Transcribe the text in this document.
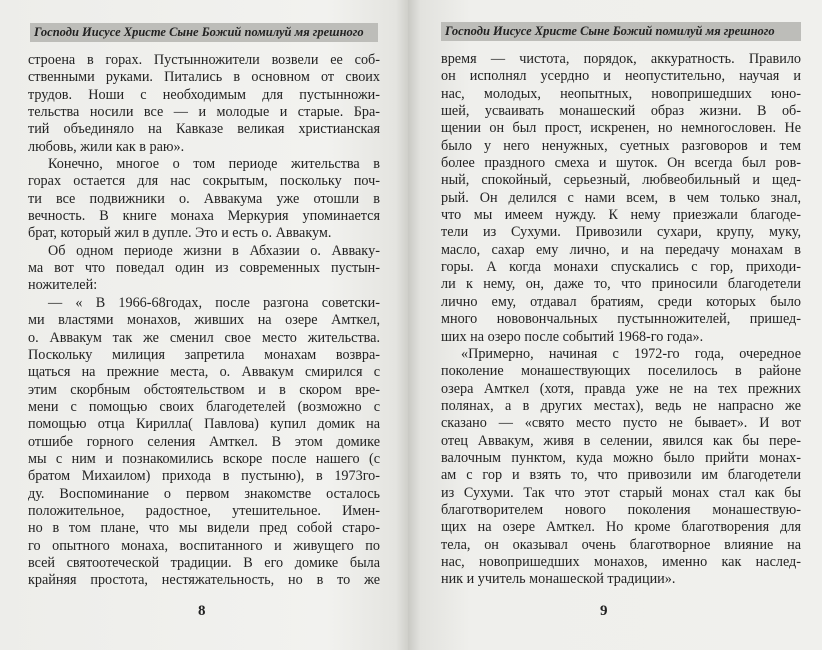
Господи Иисусе Христе Сыне Божий помилуй мя грешного
строена в горах. Пустынножители возвели ее соб-
ственными руками. Питались в основном от своих
трудов. Ноши с необходимым для пустынножи-
тельства носили все — и молодые и старые. Бра-
тий объединяло на Кавказе великая христианская
любовь, жили как в раю».
Конечно, многое о том периоде жительства в
горах остается для нас сокрытым, поскольку поч-
ти все подвижники о. Аввакума уже отошли в
вечность. В книге монаха Меркурия упоминается
брат, который жил в дупле. Это и есть о. Аввакум.
Об одном периоде жизни в Абхазии о. Аввакy-
ма вот что поведал один из современных пустын-
ножителей:
— « В 1966-68годах, после разгона советски-
ми властями монахов, живших на озере Амткел,
о. Аввакум так же сменил свое место жительства.
Поскольку милиция запретила монахам возвра-
щаться на прежние места, о. Аввакум смирился с
этим скорбным обстоятельством и в скором вре-
мени с помощью своих благодетелей (возможно с
помощью отца Кирилла( Павлова) купил домик на
отшибе горного селения Амткел. В этом домике
мы с ним и познакомились вскоре после нашего (с
братом Михаилом) прихода в пустыню), в 1973го-
ду. Воспоминание о первом знакомстве осталось
положительное, радостное, утешительное. Имен-
но в том плане, что мы видели пред собой старо-
го опытного монаха, воспитанного и живущего по
всей святоотеческой традиции. В его домике была
крайняя простота, нестяжательность, но в то же
8
Господи Иисусе Христе Сыне Божий помилуй мя грешного
время — чистота, порядок, аккуратность. Правило
он исполнял усердно и неопустительно, научая и
нас, молодых, неопытных, новопришедших юно-
шей, усваивать монашеский образ жизни. В об-
щении он был прост, искренен, но немногословен. Не
было у него ненужных, суетных разговоров и тем
более праздного смеха и шуток. Он всегда был ров-
ный, спокойный, серьезный, любвеобильный и щед-
рый. Он делился с нами всем, в чем только знал,
что мы имеем нужду. К нему приезжали благоде-
тели из Сухуми. Привозили сухари, крупу, муку,
масло, сахар ему лично, и на передачу монахам в
горы. А когда монахи спускались с гор, приходи-
ли к нему, он, даже то, что приносили благодетели
лично ему, отдавал братиям, среди которых было
много нововончальных пустынножителей, пришед-
ших на озеро после событий 1968-го года».
«Примерно, начиная с 1972-го года, очередное
поколение монашествующих поселилось в районе
озера Амткел (хотя, правда уже не на тех прежних
полянах, а в других местах), ведь не напрасно же
сказано — «свято место пусто не бывает». И вот
отец Аввакум, живя в селении, явился как бы пере-
валочным пунктом, куда можно было прийти монах-
ам с гор и взять то, что привозили им благодетели
из Сухуми. Так что этот старый монах стал как бы
благотворителем нового поколения монашествую-
щих на озере Амткел. Но кроме благотворения для
тела, он оказывал очень благотворное влияние на
нас, новопришедших монахов, именно как наслед-
ник и учитель монашеской традиции».
9
